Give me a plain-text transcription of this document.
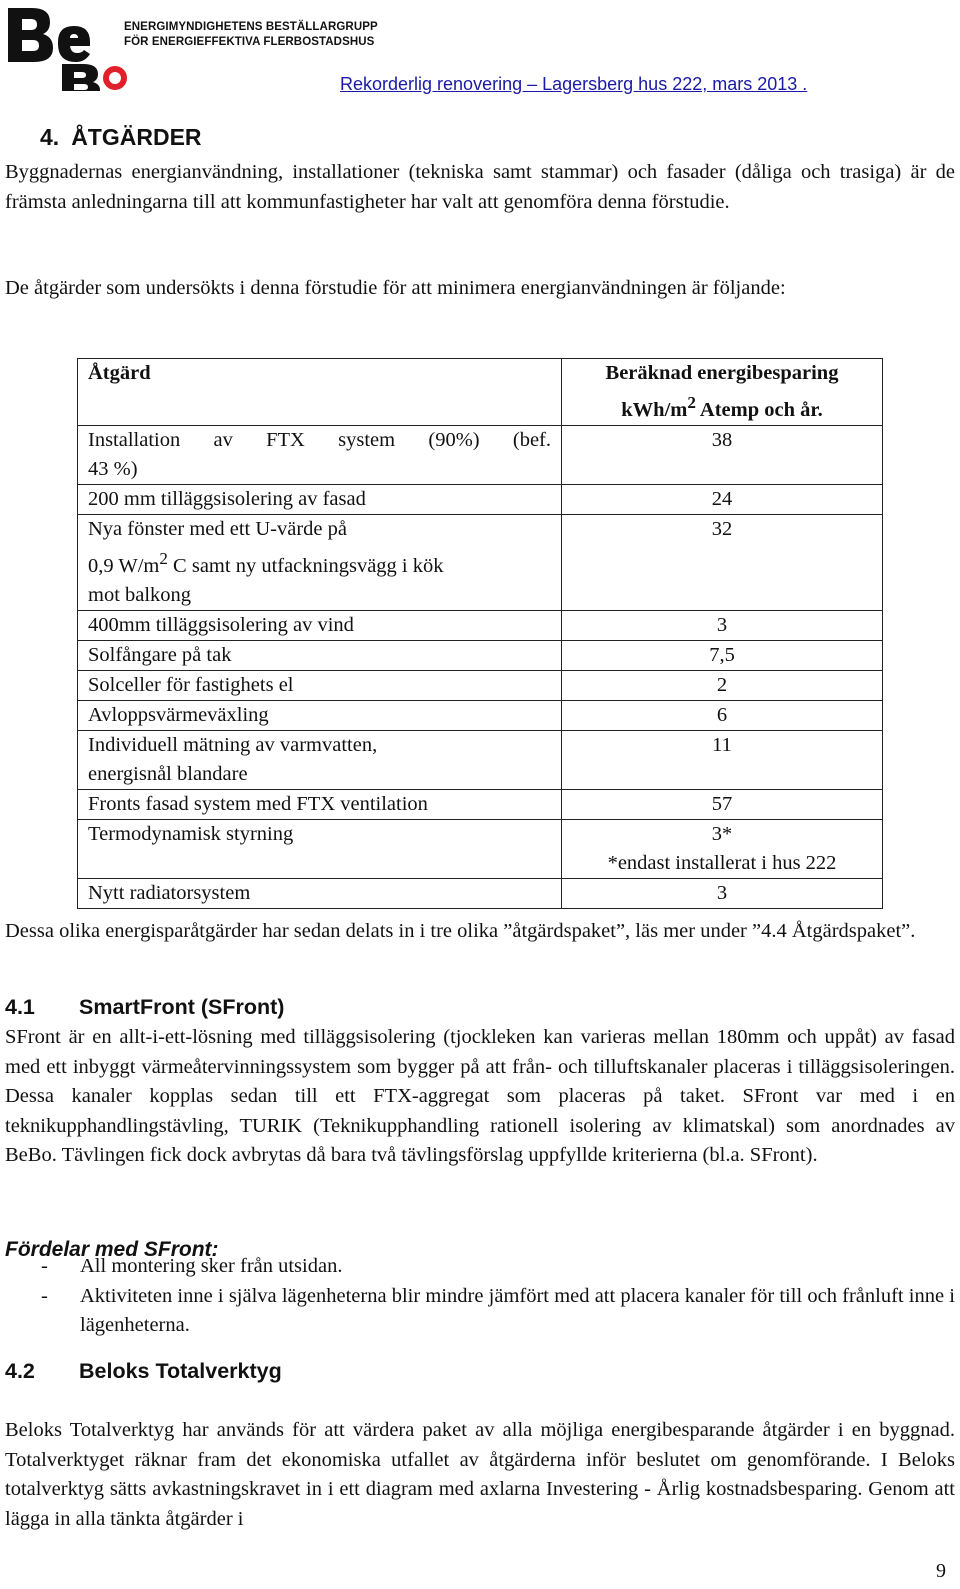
ENERGIMYNDIGHETENS BESTÄLLARGRUPP
FÖR ENERGIEFFEKTIVA FLERBOSTADSHUS
Rekorderlig renovering – Lagersberg hus 222, mars 2013 .
4. ÅTGÄRDER

Byggnadernas energianvändning, installationer (tekniska samt stammar) och fasader (dåliga och trasiga) är de främsta anledningarna till att kommunfastigheter har valt att genomföra denna förstudie.

De åtgärder som undersökts i denna förstudie för att minimera energianvändningen är följande:

Åtgärd	Beräknad energibesparing
kWh/$m^2$ Atemp och år.

Installation av FTX system (90%) (bef.
43 %)	38
200 mm tilläggsisolering av fasad	24

Nya fönster med ett U-värde på
0,9 $W/m^2$ C samt ny utfackningsvägg i kök
mot balkong	32
400mm tilläggsisolering av vind	3
Solfångare på tak	7,5
Solceller för fastighets el	2
Avloppsvärmeväxling	6

Individuell mätning av varmvatten,
energisnål blandare	11
Fronts fasad system med FTX ventilation	57
Termodynamisk styrning	3*
*endast installerat i hus 222

Nytt radiatorsystem	3

Dessa olika energisparåtgärder har sedan delats in i tre olika ”åtgärdspaket”, läs mer under ”4.4 Åtgärdspaket”.

4.1 SmartFront (SFront)

SFront är en allt-i-ett-lösning med tilläggsisolering (tjockleken kan varieras mellan 180mm och uppåt) av fasad med ett inbyggt värmeåtervinningssystem som bygger på att från- och tilluftskanaler placeras i tilläggsisoleringen. Dessa kanaler kopplas sedan till ett FTX-aggregat som placeras på taket. SFront var med i en teknikupphandlingstävling, TURIK (Teknikupphandling rationell isolering av klimatskal) som anordnades av BeBo. Tävlingen fick dock avbrytas då bara två tävlingsförslag uppfyllde kriterierna (bl.a. SFront).

Fördelar med SFront:
- All montering sker från utsidan.
- Aktiviteten inne i själva lägenheterna blir mindre jämfört med att placera kanaler för till och frånluft inne i lägenheterna.
4.2 Beloks Totalverktyg

Beloks Totalverktyg har används för att värdera paket av alla möjliga energibesparande åtgärder i en byggnad. Totalverktyget räknar fram det ekonomiska utfallet av åtgärderna inför beslutet om genomförande. I Beloks totalverktyg sätts avkastningskravet in i ett diagram med axlarna Investering - Årlig kostnadsbesparing. Genom att lägga in alla tänkta åtgärder i

9
